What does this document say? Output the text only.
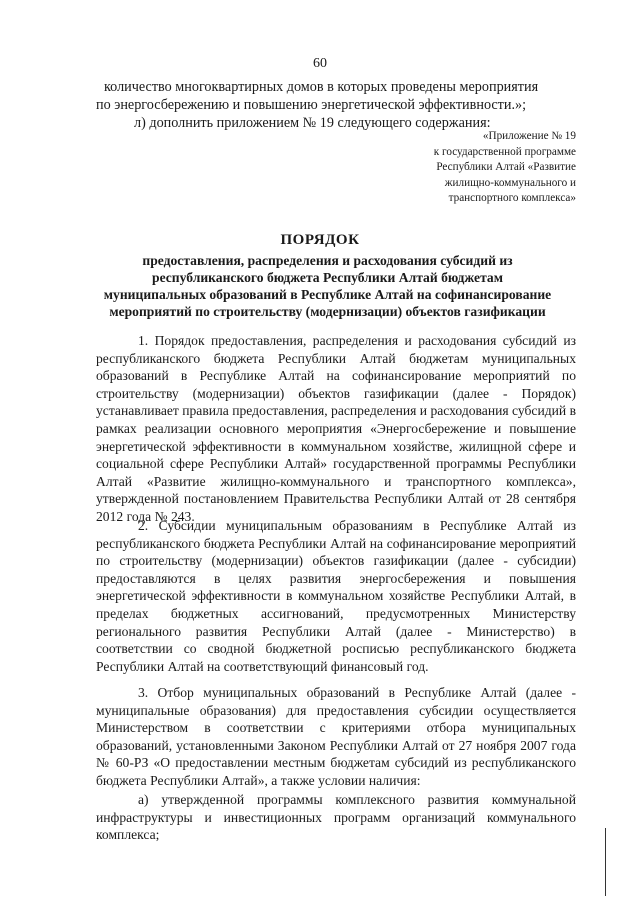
60
количество многоквартирных домов в которых проведены мероприятия
по энергосбережению и повышению энергетической эффективности.»;
л) дополнить приложением № 19 следующего содержания:
«Приложение № 19
к государственной программе
Республики Алтай «Развитие
жилищно-коммунального и
транспортного комплекса»
ПОРЯДОК
предоставления, распределения и расходования субсидий из
республиканского бюджета Республики Алтай бюджетам
муниципальных образований в Республике Алтай на софинансирование
мероприятий по строительству (модернизации) объектов газификации

1. Порядок предоставления, распределения и расходования субсидий из республиканского бюджета Республики Алтай бюджетам муниципальных образований в Республике Алтай на софинансирование мероприятий по строительству (модернизации) объектов газификации (далее - Порядок) устанавливает правила предоставления, распределения и расходования субсидий в рамках реализации основного мероприятия «Энергосбережение и повышение энергетической эффективности в коммунальном хозяйстве, жилищной сфере и социальной сфере Республики Алтай» государственной программы Республики Алтай «Развитие жилищно-коммунального и транспортного комплекса», утвержденной постановлением Правительства Республики Алтай от 28 сентября 2012 года № 243.

2. Субсидии муниципальным образованиям в Республике Алтай из республиканского бюджета Республики Алтай на софинансирование мероприятий по строительству (модернизации) объектов газификации (далее - субсидии) предоставляются в целях развития энергосбережения и повышения энергетической эффективности в коммунальном хозяйстве Республики Алтай, в пределах бюджетных ассигнований, предусмотренных Министерству регионального развития Республики Алтай (далее - Министерство) в соответствии со сводной бюджетной росписью республиканского бюджета Республики Алтай на соответствующий финансовый год.

3. Отбор муниципальных образований в Республике Алтай (далее - муниципальные образования) для предоставления субсидии осуществляется Министерством в соответствии с критериями отбора муниципальных образований, установленными Законом Республики Алтай от 27 ноября 2007 года № 60-РЗ «О предоставлении местным бюджетам субсидий из республиканского бюджета Республики Алтай», а также условии наличия:

а) утвержденной программы комплексного развития коммунальной инфраструктуры и инвестиционных программ организаций коммунального комплекса;
